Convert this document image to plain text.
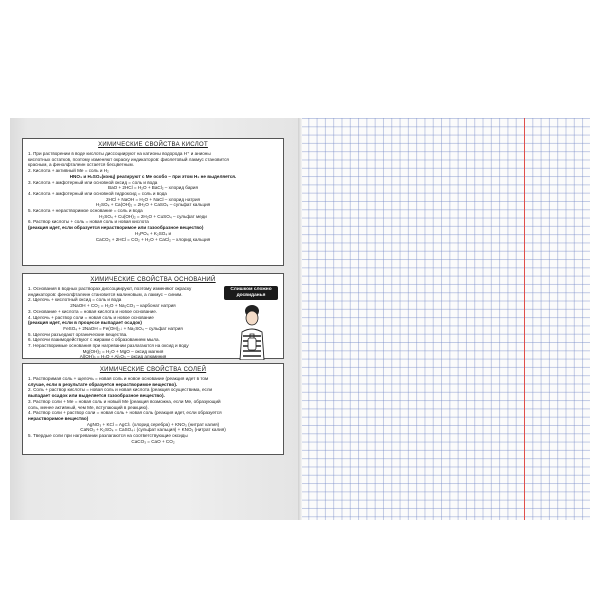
ХИМИЧЕСКИЕ СВОЙСТВА КИСЛОТ

1. При растворении в воде кислоты диссоциируют на катионы водорода H⁺ и анионы

кислотных остатков, поэтому изменяют окраску индикаторов: фиолетовый лакмус становится

красным, а фенолфталеин остается бесцветным.

2. Кислота + активный Me = соль и H₂

HNO₃ и H₂SO₄(конц) реагируют с Me особо – при этом H₂ не выделяется.

3. Кислота + амфотерный или основной оксид = соль и вода

BaO + 2HCl = H₂O + BaCl₂ – хлорид бария

4. Кислота + амфотерный или основной гидроксид = соль и вода

2HCl + NaOH = H₂O + NaCl – хлорид натрия

H₂SO₄ + Ca(OH)₂ = 2H₂O + CaSO₄ – сульфат кальция

5. Кислота + нерастворимое основание = соль и вода

H₂SO₄ + Cu(OH)₂ = 2H₂O + CuSO₄ – сульфат меди

6. Раствор кислоты + соль = новая соль и новая кислота

(реакция идет, если образуется нерастворимое или газообразное вещество)

H₃PO₄ + K₂SO₄ и

CaCO₃ + 2HCl = CO₂ + H₂O + CaCl₂ – хлорид кальция

ХИМИЧЕСКИЕ СВОЙСТВА ОСНОВАНИЙ

1. Основания в водных растворах диссоциируют, поэтому изменяют окраску

индикаторов: фенолфталеин становится малиновым, а лакмус – синим.

2. Щелочь + кислотный оксид = соль и вода

2NaOH + CO₂ = H₂O + Na₂CO₃ – карбонат натрия

3. Основание + кислота = новая кислота и новое основание.

4. Щелочь + раствор соли = новая соль и новое основание

(реакция идет, если в процессе выпадает осадок)

FeSO₄ + 2NaOH = Fe(OH)₂↓ + Na₂SO₄ – сульфат натрия

5. Щелочи разъедают органические вещества.

6. Щелочи взаимодействуют с жирами с образованием мыла.

7. Нерастворимые основания при нагревании разлагаются на оксид и воду

Mg(OH)₂ = H₂O + MgO – оксид магния

Al(OH)₃ = H₂O + Al₂O₃ – оксид алюминия

Слишком сложно
досвиданья
ХИМИЧЕСКИЕ СВОЙСТВА СОЛЕЙ

1. Растворимая соль + щелочь = новая соль и новое основание (реакция идет в том

случае, если в результате образуется нерастворимое вещество).

2. Соль + раствор кислоты = новая соль и новая кислота (реакция осуществима, если

выпадает осадок или выделяется газообразное вещество).

3. Раствор соли + Me = новая соль и новый Me (реакция возможна, если Me, образующий

соль, менее активный, чем Me, вступающий в реакцию).

4. Раствор соли + раствор соли = новая соль + новая соль (реакция идет, если образуется

нерастворимое вещество)

AgNO₃ + KCl = AgCl↓ (хлорид серебра) + KNO₃ (нитрат калия)

CaNO₃ + K₂SO₄ = CaSO₄↓ (сульфат кальция) + KNO₃ (нитрат калия)

5. Твердые соли при нагревании разлагаются на соответствующие оксиды

CaCO₃ = CaO + CO₂
